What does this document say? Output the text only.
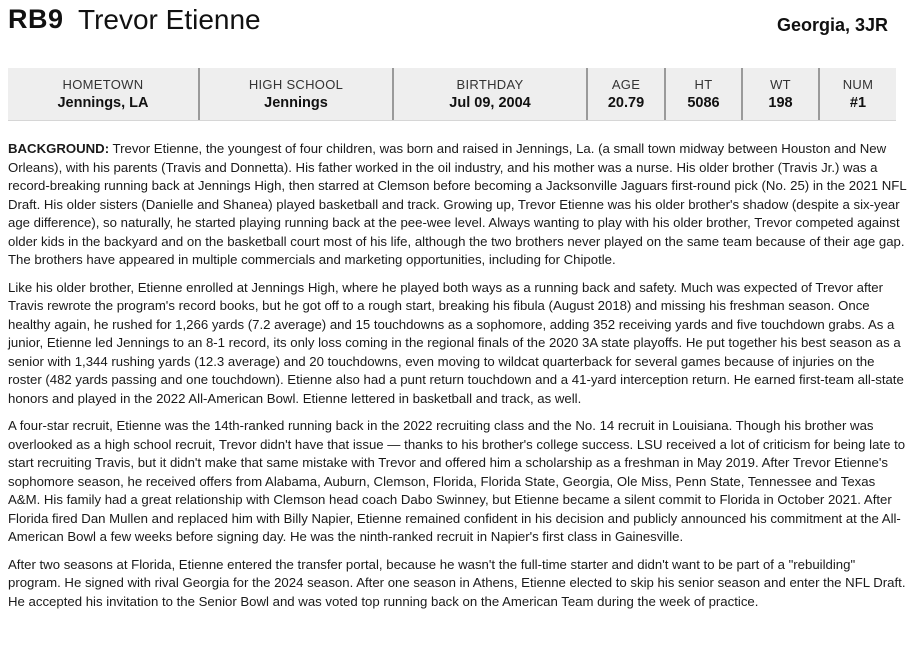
RB9 Trevor Etienne	Georgia, 3JR
HOMETOWN
Jennings, LA
HIGH SCHOOL
Jennings
BIRTHDAY
Jul 09, 2004
AGE
20.79
HT
5086
WT
198
NUM
#1

BACKGROUND: Trevor Etienne, the youngest of four children, was born and raised in Jennings, La. (a small town midway between Houston and New Orleans), with his parents (Travis and Donnetta). His father worked in the oil industry, and his mother was a nurse. His older brother (Travis Jr.) was a record-breaking running back at Jennings High, then starred at Clemson before becoming a Jacksonville Jaguars first-round pick (No. 25) in the 2021 NFL Draft. His older sisters (Danielle and Shanea) played basketball and track. Growing up, Trevor Etienne was his older brother's shadow (despite a six-year age difference), so naturally, he started playing running back at the pee-wee level. Always wanting to play with his older brother, Trevor competed against older kids in the backyard and on the basketball court most of his life, although the two brothers never played on the same team because of their age gap. The brothers have appeared in multiple commercials and marketing opportunities, including for Chipotle.

Like his older brother, Etienne enrolled at Jennings High, where he played both ways as a running back and safety. Much was expected of Trevor after Travis rewrote the program's record books, but he got off to a rough start, breaking his fibula (August 2018) and missing his freshman season. Once healthy again, he rushed for 1,266 yards (7.2 average) and 15 touchdowns as a sophomore, adding 352 receiving yards and five touchdown grabs. As a junior, Etienne led Jennings to an 8-1 record, its only loss coming in the regional finals of the 2020 3A state playoffs. He put together his best season as a senior with 1,344 rushing yards (12.3 average) and 20 touchdowns, even moving to wildcat quarterback for several games because of injuries on the roster (482 yards passing and one touchdown). Etienne also had a punt return touchdown and a 41-yard interception return. He earned first-team all-state honors and played in the 2022 All-American Bowl. Etienne lettered in basketball and track, as well.

A four-star recruit, Etienne was the 14th-ranked running back in the 2022 recruiting class and the No. 14 recruit in Louisiana. Though his brother was overlooked as a high school recruit, Trevor didn't have that issue — thanks to his brother's college success. LSU received a lot of criticism for being late to start recruiting Travis, but it didn't make that same mistake with Trevor and offered him a scholarship as a freshman in May 2019. After Trevor Etienne's sophomore season, he received offers from Alabama, Auburn, Clemson, Florida, Florida State, Georgia, Ole Miss, Penn State, Tennessee and Texas A&M. His family had a great relationship with Clemson head coach Dabo Swinney, but Etienne became a silent commit to Florida in October 2021. After Florida fired Dan Mullen and replaced him with Billy Napier, Etienne remained confident in his decision and publicly announced his commitment at the All-American Bowl a few weeks before signing day. He was the ninth-ranked recruit in Napier's first class in Gainesville.

After two seasons at Florida, Etienne entered the transfer portal, because he wasn't the full-time starter and didn't want to be part of a "rebuilding" program. He signed with rival Georgia for the 2024 season. After one season in Athens, Etienne elected to skip his senior season and enter the NFL Draft. He accepted his invitation to the Senior Bowl and was voted top running back on the American Team during the week of practice.
